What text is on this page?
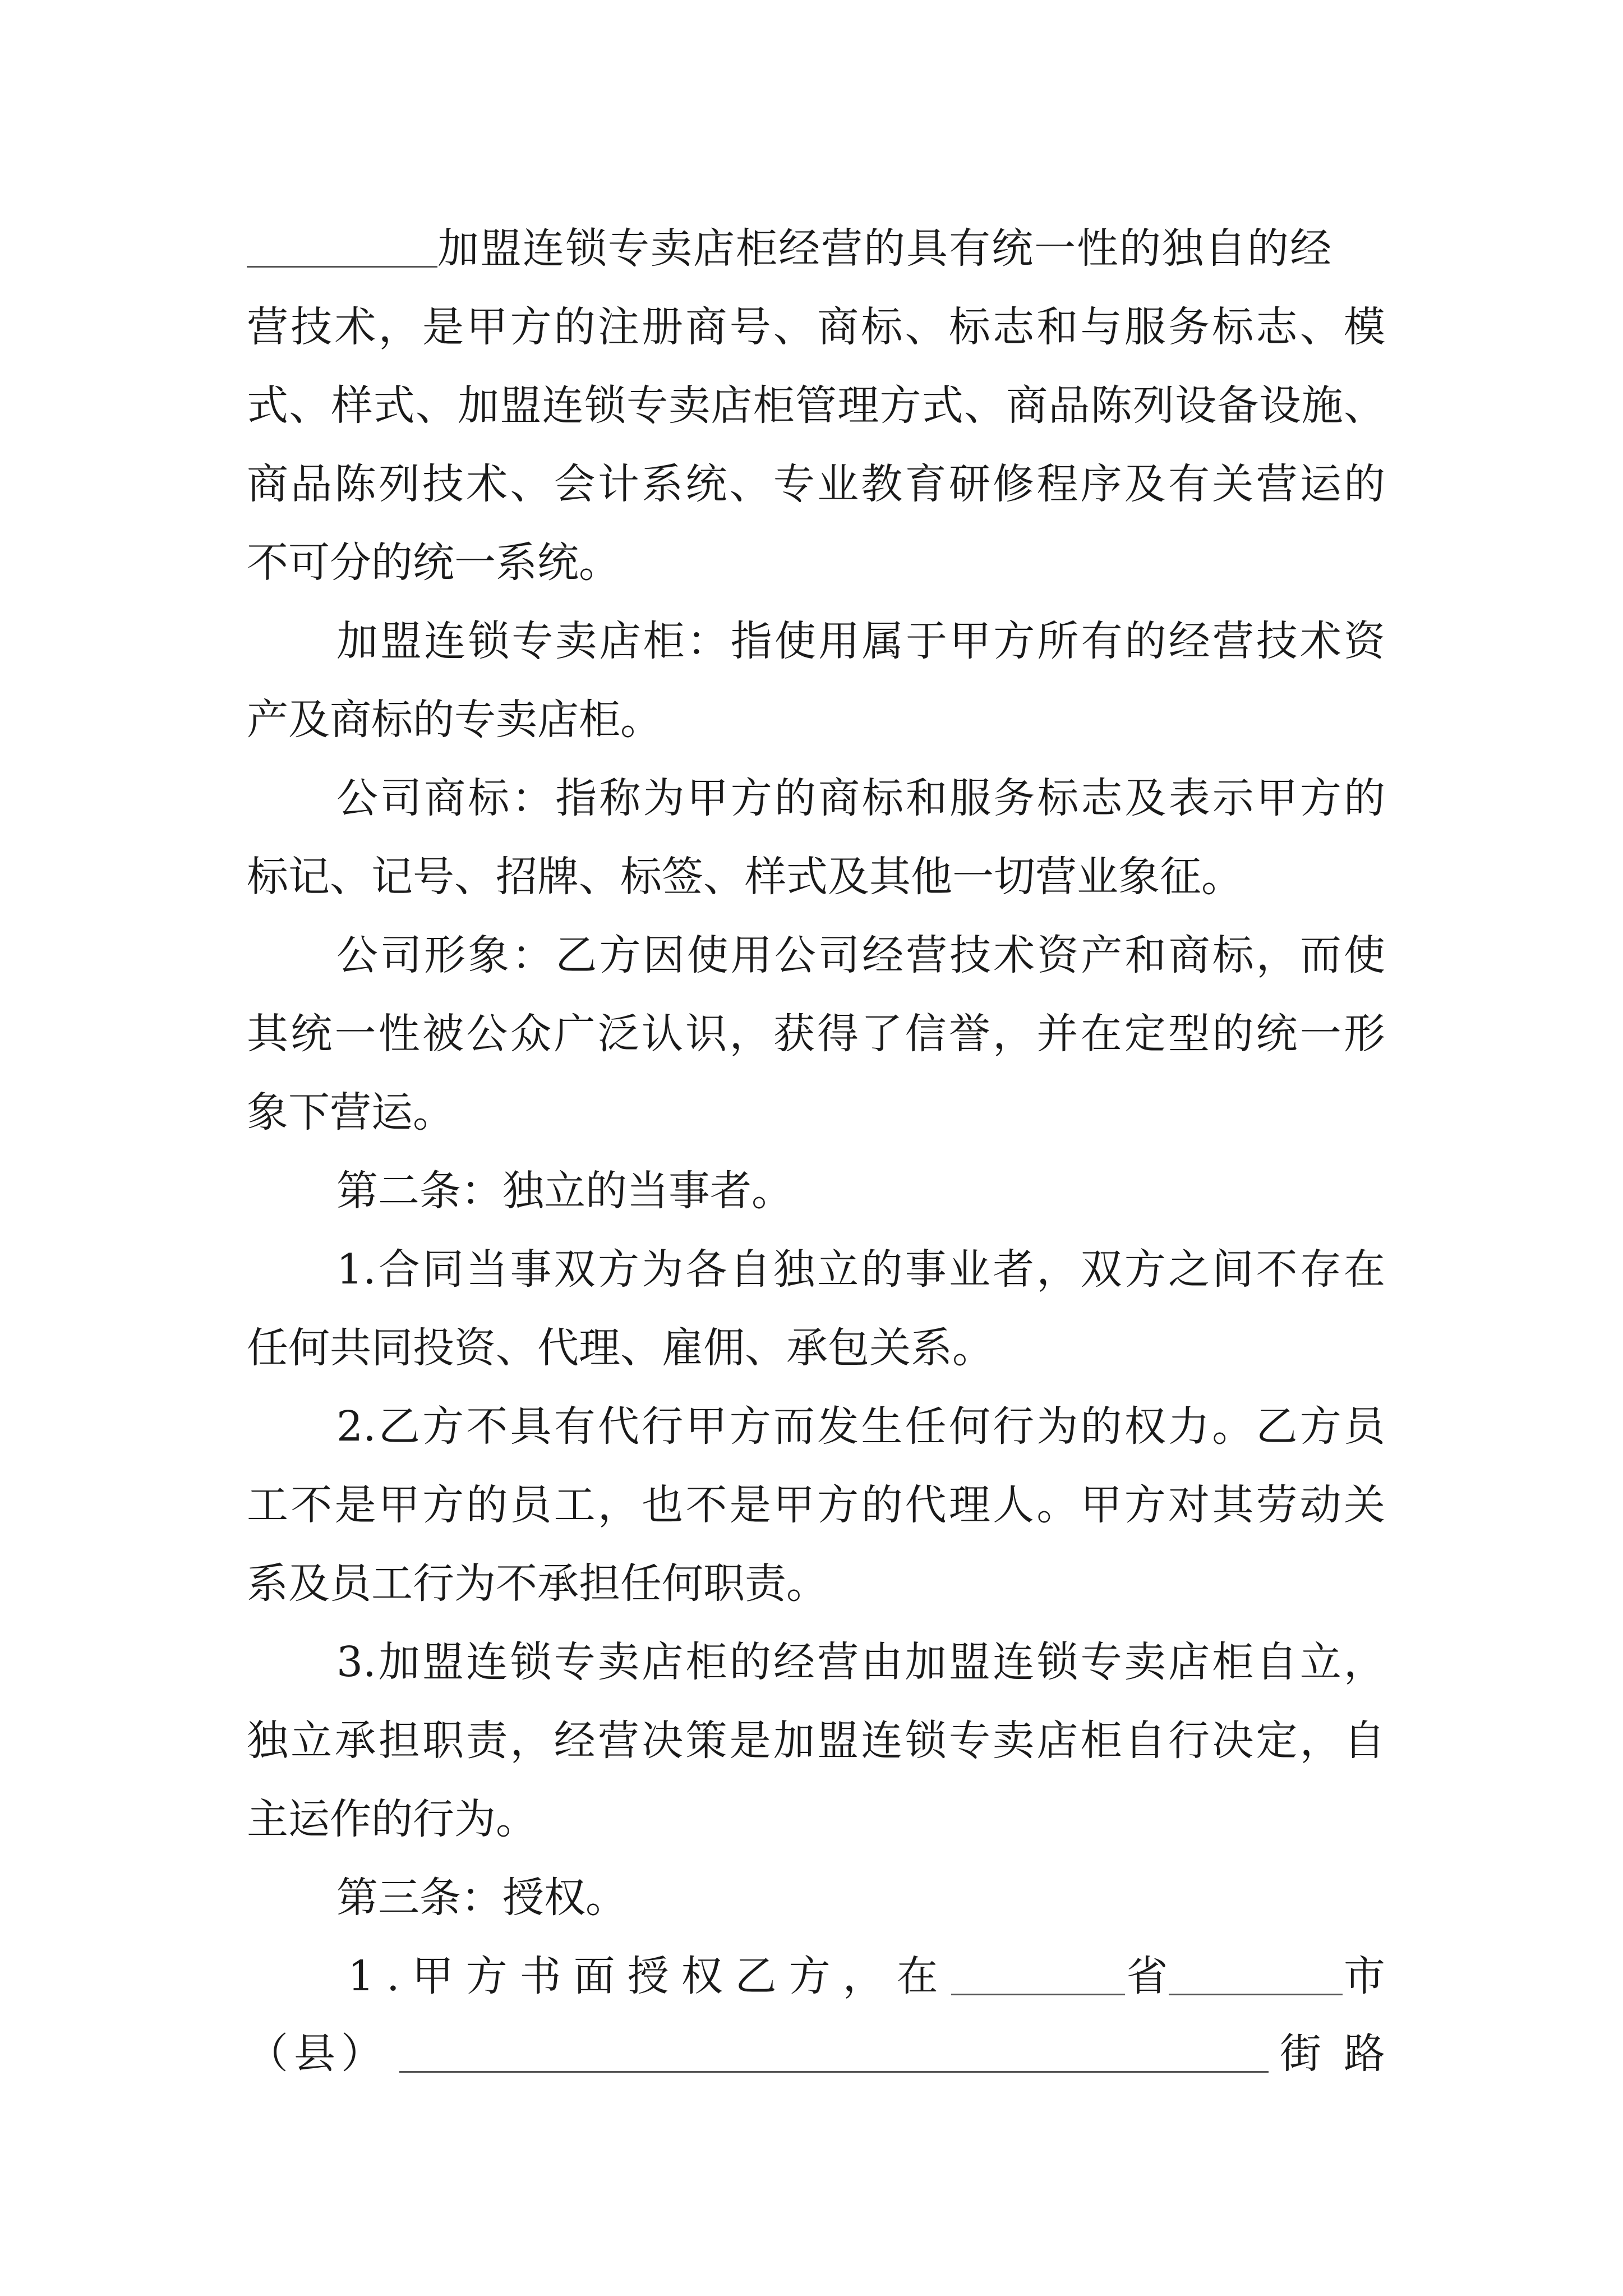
加盟连锁专卖店柜经营的具有统一性的独自的经
营技术，是甲方的注册商号、商标、标志和与服务标志、模
式、样式、加盟连锁专卖店柜管理方式、商品陈列设备设施、
商品陈列技术、会计系统、专业教育研修程序及有关营运的
不可分的统一系统。
加盟连锁专卖店柜：指使用属于甲方所有的经营技术资
产及商标的专卖店柜。
公司商标：指称为甲方的商标和服务标志及表示甲方的
标记、记号、招牌、标签、样式及其他一切营业象征。
公司形象：乙方因使用公司经营技术资产和商标，而使
其统一性被公众广泛认识，获得了信誉，并在定型的统一形
象下营运。
第二条：独立的当事者。
1.合同当事双方为各自独立的事业者，双方之间不存在
任何共同投资、代理、雇佣、承包关系。
2.乙方不具有代行甲方而发生任何行为的权力。乙方员
工不是甲方的员工，也不是甲方的代理人。甲方对其劳动关
系及员工行为不承担任何职责。
3.加盟连锁专卖店柜的经营由加盟连锁专卖店柜自立，
独立承担职责，经营决策是加盟连锁专卖店柜自行决定，自
主运作的行为。
第三条：授权。
1.甲方书面授权乙方，在	省	市
（县）	街路
